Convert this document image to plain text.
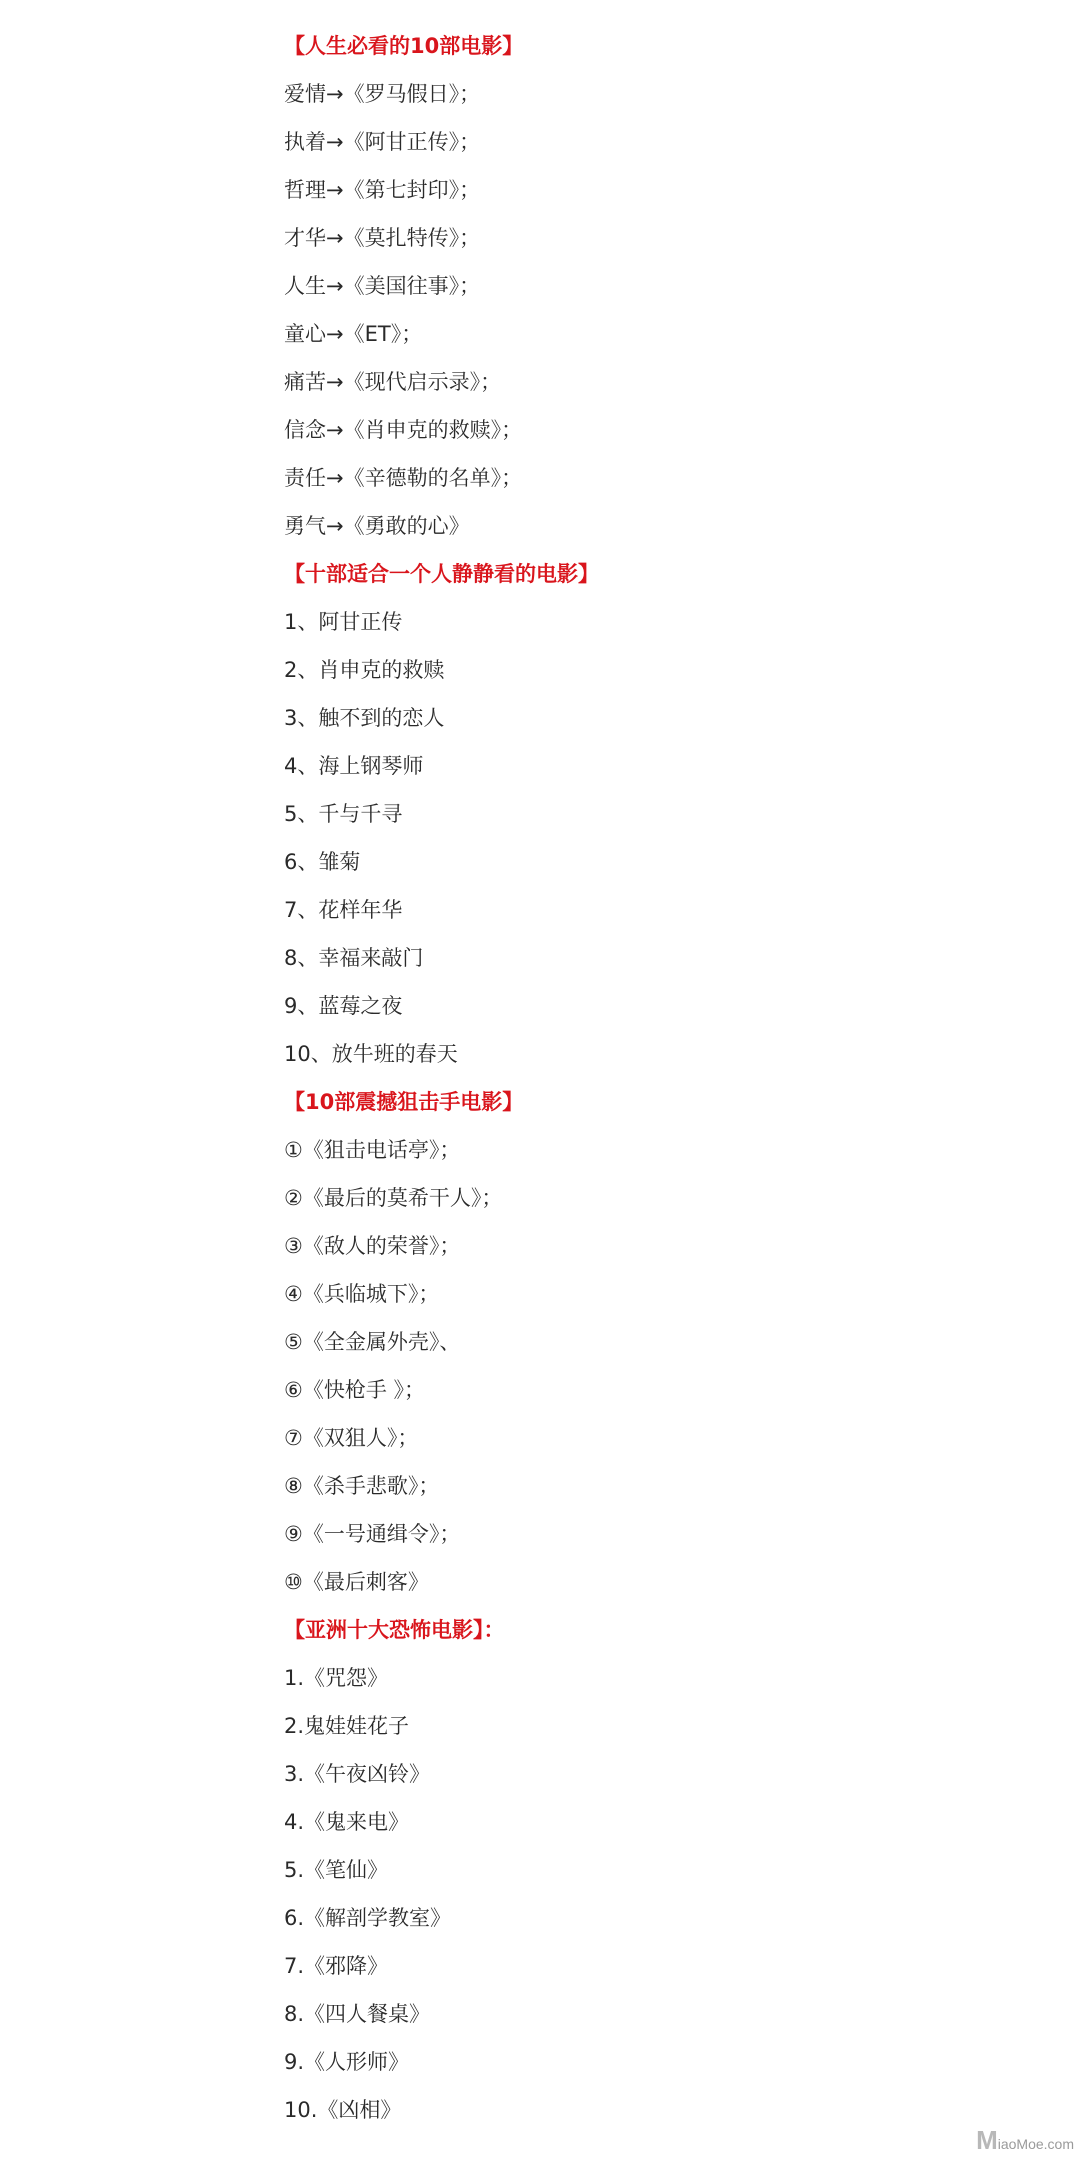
【人生必看的10部电影】
爱情→《罗马假日》；
执着→《阿甘正传》；
哲理→《第七封印》；
才华→《莫扎特传》；
人生→《美国往事》；
童心→《ET》；
痛苦→《现代启示录》；
信念→《肖申克的救赎》；
责任→《辛德勒的名单》；
勇气→《勇敢的心》
【十部适合一个人静静看的电影】
1、阿甘正传
2、肖申克的救赎
3、触不到的恋人
4、海上钢琴师
5、千与千寻
6、雏菊
7、花样年华
8、幸福来敲门
9、蓝莓之夜
10、放牛班的春天
【10部震撼狙击手电影】
①《狙击电话亭》；
②《最后的莫希干人》；
③《敌人的荣誉》；
④《兵临城下》；
⑤《全金属外壳》、
⑥《快枪手 》；
⑦《双狙人》；
⑧《杀手悲歌》；
⑨《一号通缉令》；
⑩《最后刺客》
【亚洲十大恐怖电影】：
1.《咒怨》
2.鬼娃娃花子
3.《午夜凶铃》
4.《鬼来电》
5.《笔仙》
6.《解剖学教室》
7.《邪降》
8.《四人餐桌》
9.《人形师》
10.《凶相》
MiaoMoe.com
